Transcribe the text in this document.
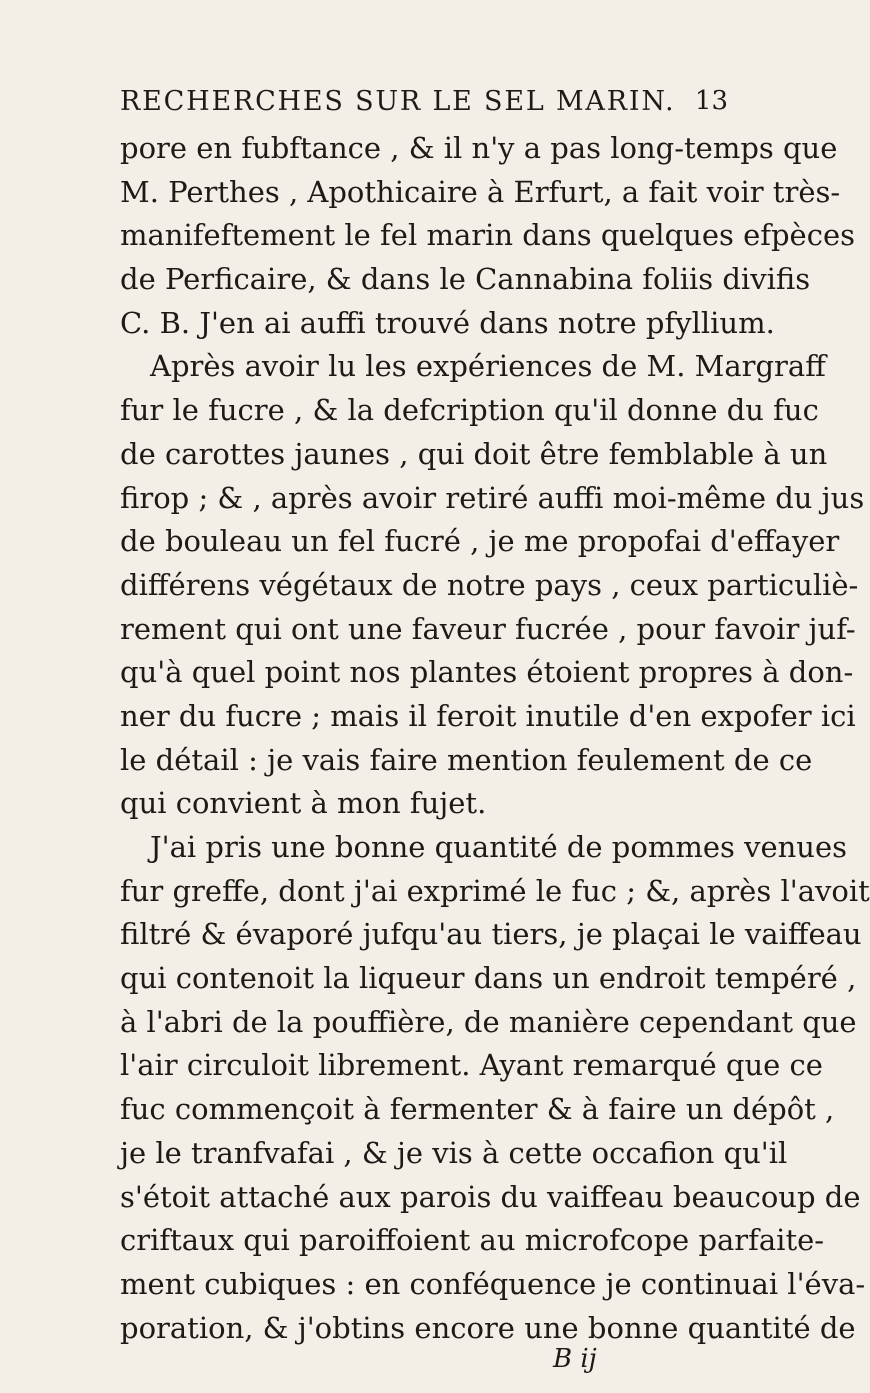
RECHERCHES SUR LE SEL MARIN. 13
pore en fubftance , & il n'y a pas long-temps que
M. Perthes , Apothicaire à Erfurt, a fait voir très-
manifeftement le fel marin dans quelques efpèces
de Perficaire, & dans le Cannabina foliis divifis
C. B. J'en ai auffi trouvé dans notre pfyllium.
Après avoir lu les expériences de M. Margraff
fur le fucre , & la defcription qu'il donne du fuc
de carottes jaunes , qui doit être femblable à un
firop ; & , après avoir retiré auffi moi-même du jus
de bouleau un fel fucré , je me propofai d'effayer
différens végétaux de notre pays , ceux particuliè-
rement qui ont une faveur fucrée , pour favoir juf-
qu'à quel point nos plantes étoient propres à don-
ner du fucre ; mais il feroit inutile d'en expofer ici
le détail : je vais faire mention feulement de ce
qui convient à mon fujet.
J'ai pris une bonne quantité de pommes venues
fur greffe, dont j'ai exprimé le fuc ; &, après l'avoit
filtré & évaporé jufqu'au tiers, je plaçai le vaiffeau
qui contenoit la liqueur dans un endroit tempéré ,
à l'abri de la pouffière, de manière cependant que
l'air circuloit librement. Ayant remarqué que ce
fuc commençoit à fermenter & à faire un dépôt ,
je le tranfvafai , & je vis à cette occafion qu'il
s'étoit attaché aux parois du vaiffeau beaucoup de
criftaux qui paroiffoient au microfcope parfaite-
ment cubiques : en conféquence je continuai l'éva-
poration, & j'obtins encore une bonne quantité de
B ij
